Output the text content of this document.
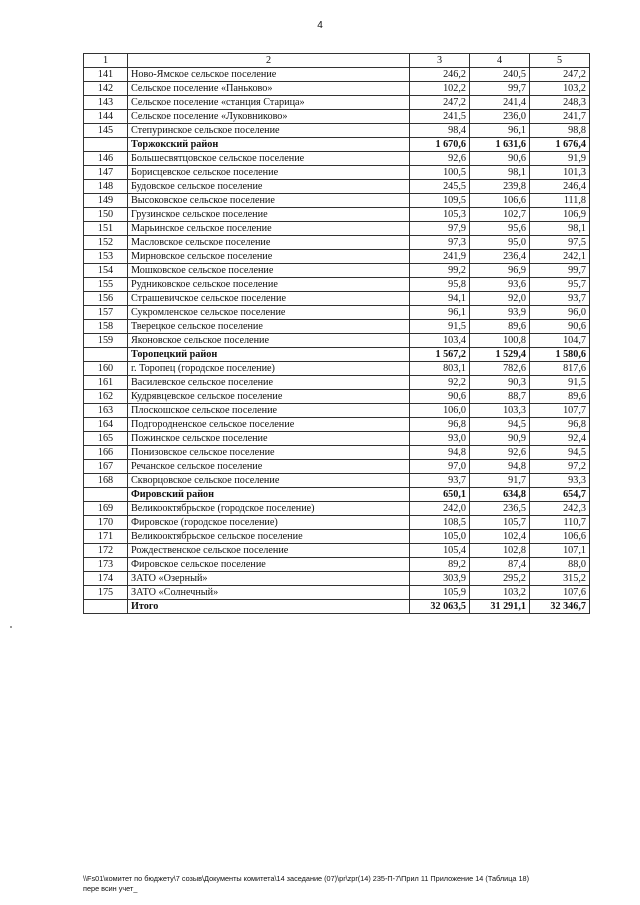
4
1	2	3	4	5
141	Ново-Ямское сельское поселение	246,2	240,5	247,2
142	Сельское поселение «Паньково»	102,2	99,7	103,2
143	Сельское поселение «станция Старица»	247,2	241,4	248,3
144	Сельское поселение «Луковниково»	241,5	236,0	241,7
145	Степуринское сельское поселение	98,4	96,1	98,8
	Торжокский район	1 670,6	1 631,6	1 676,4
146	Большесвятцовское сельское поселение	92,6	90,6	91,9
147	Борисцевское сельское поселение	100,5	98,1	101,3
148	Будовское сельское поселение	245,5	239,8	246,4
149	Высоковское сельское поселение	109,5	106,6	111,8
150	Грузинское сельское поселение	105,3	102,7	106,9
151	Марьинское сельское поселение	97,9	95,6	98,1
152	Масловское сельское поселение	97,3	95,0	97,5
153	Мирновское сельское поселение	241,9	236,4	242,1
154	Мошковское сельское поселение	99,2	96,9	99,7
155	Рудниковское сельское поселение	95,8	93,6	95,7
156	Страшевичское сельское поселение	94,1	92,0	93,7
157	Сукромленское сельское поселение	96,1	93,9	96,0
158	Тверецкое сельское поселение	91,5	89,6	90,6
159	Яконовское сельское поселение	103,4	100,8	104,7
	Торопецкий район	1 567,2	1 529,4	1 580,6
160	г. Торопец (городское поселение)	803,1	782,6	817,6
161	Василевское сельское поселение	92,2	90,3	91,5
162	Кудрявцевское сельское поселение	90,6	88,7	89,6
163	Плоскошское сельское поселение	106,0	103,3	107,7
164	Подгородненское сельское поселение	96,8	94,5	96,8
165	Пожинское сельское поселение	93,0	90,9	92,4
166	Понизовское сельское поселение	94,8	92,6	94,5
167	Речанское сельское поселение	97,0	94,8	97,2
168	Скворцовское сельское поселение	93,7	91,7	93,3
	Фировский район	650,1	634,8	654,7
169	Великооктябрьское (городское поселение)	242,0	236,5	242,3
170	Фировское (городское поселение)	108,5	105,7	110,7
171	Великооктябрьское сельское поселение	105,0	102,4	106,6
172	Рождественское сельское поселение	105,4	102,8	107,1
173	Фировское сельское поселение	89,2	87,4	88,0
174	ЗАТО «Озерный»	303,9	295,2	315,2
175	ЗАТО «Солнечный»	105,9	103,2	107,6
	Итого	32 063,5	31 291,1	32 346,7
\\Fs01\комитет по бюджету\7 созыв\Документы комитета\14 заседание (07)\pr\zpr(14) 235-П-7\Прил 11 Приложение 14 (Таблица 18)
пере всин учет_
